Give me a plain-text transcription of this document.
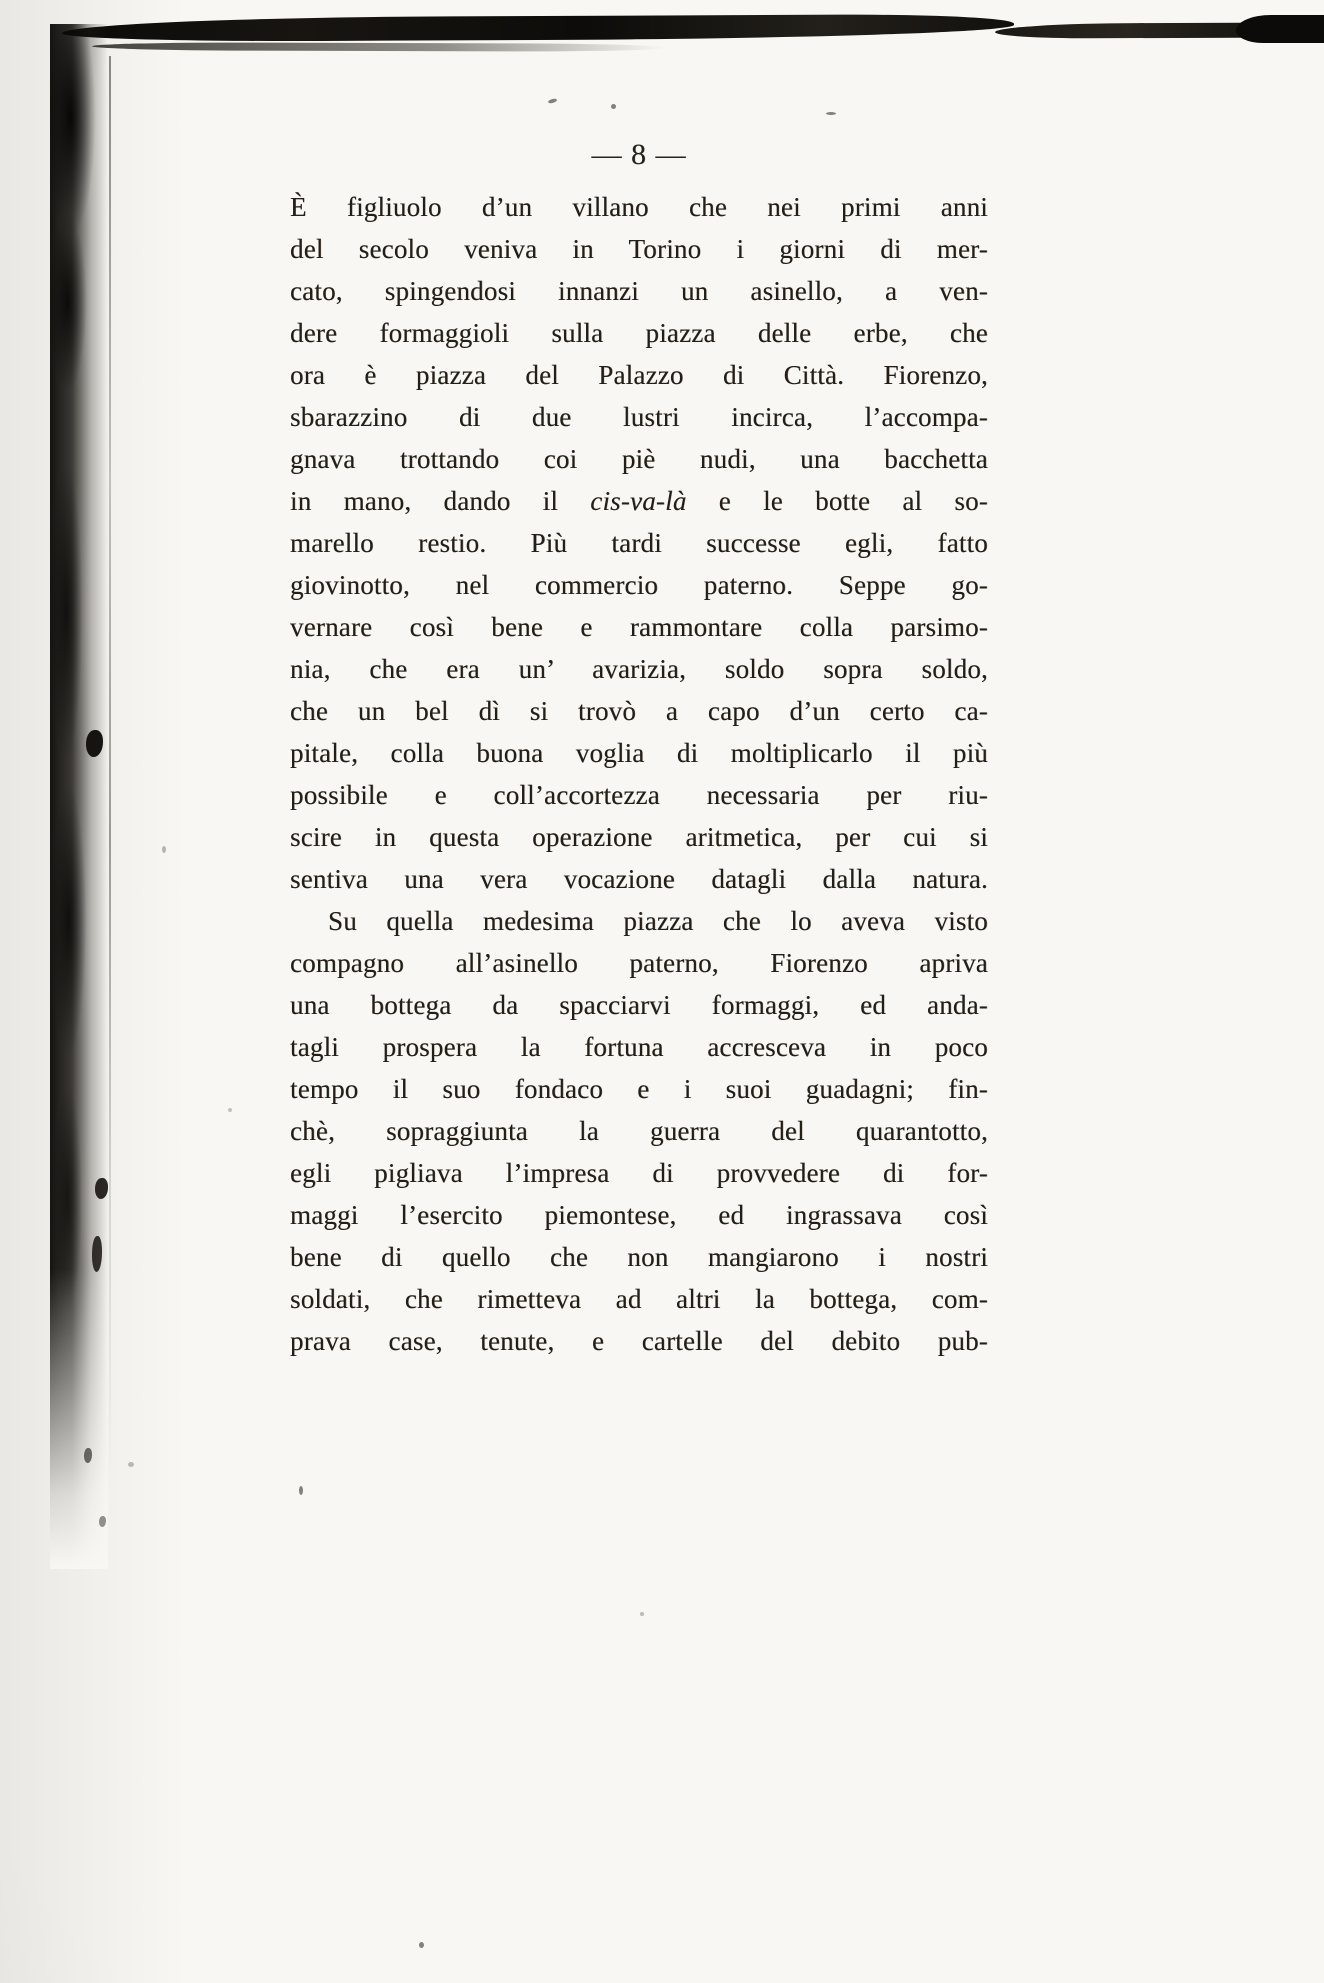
— 8 —
È figliuolo d’un villano che nei primi anni
del secolo veniva in Torino i giorni di mer-
cato, spingendosi innanzi un asinello, a ven-
dere formaggioli sulla piazza delle erbe, che
ora è piazza del Palazzo di Città. Fiorenzo,
sbarazzino di due lustri incirca, l’accompa-
gnava trottando coi piè nudi, una bacchetta
in mano, dando il cis-va-là e le botte al so-
marello restio. Più tardi successe egli, fatto
giovinotto, nel commercio paterno. Seppe go-
vernare così bene e rammontare colla parsimo-
nia, che era un’ avarizia, soldo sopra soldo,
che un bel dì si trovò a capo d’un certo ca-
pitale, colla buona voglia di moltiplicarlo il più
possibile e coll’accortezza necessaria per riu-
scire in questa operazione aritmetica, per cui si
sentiva una vera vocazione datagli dalla natura.
Su quella medesima piazza che lo aveva visto
compagno all’asinello paterno, Fiorenzo apriva
una bottega da spacciarvi formaggi, ed anda-
tagli prospera la fortuna accresceva in poco
tempo il suo fondaco e i suoi guadagni; fin-
chè, sopraggiunta la guerra del quarantotto,
egli pigliava l’impresa di provvedere di for-
maggi l’esercito piemontese, ed ingrassava così
bene di quello che non mangiarono i nostri
soldati, che rimetteva ad altri la bottega, com-
prava case, tenute, e cartelle del debito pub-
